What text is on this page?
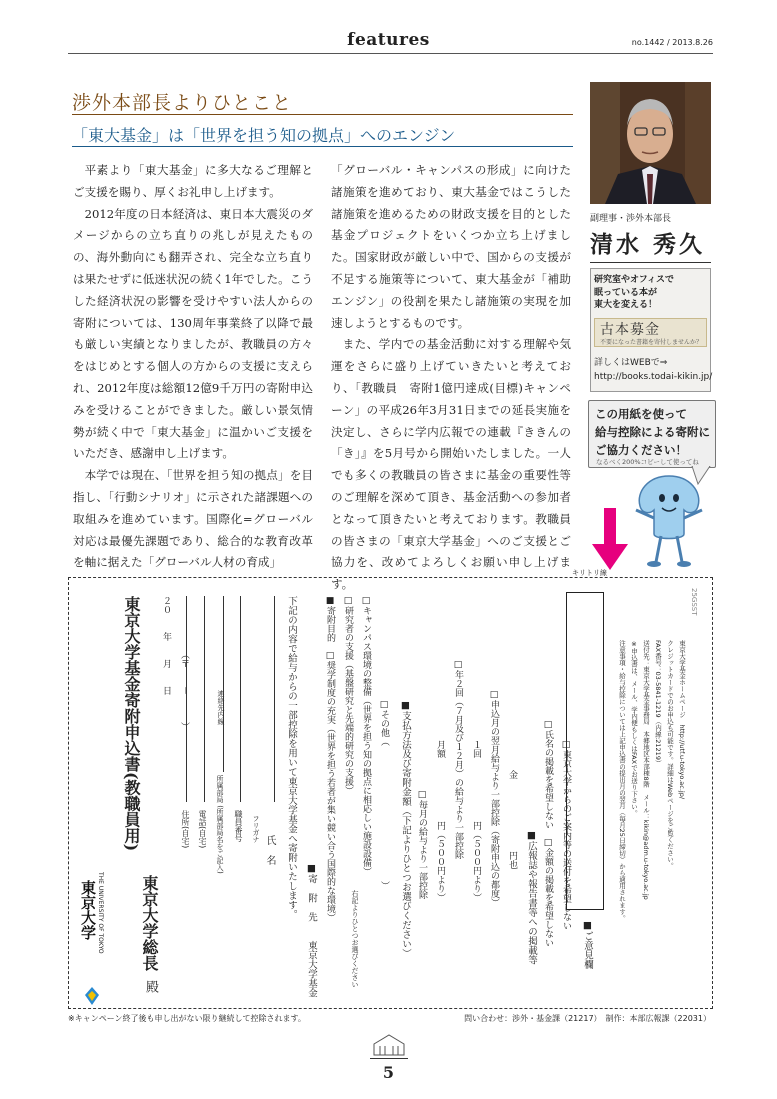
features	no.1442 / 2013.8.26
渉外本部長よりひとこと
「東大基金」は「世界を担う知の拠点」へのエンジン

平素より「東大基金」に多大なるご理解とご支援を賜り、厚くお礼申し上げます。

2012年度の日本経済は、東日本大震災のダメージからの立ち直りの兆しが見えたものの、海外動向にも翻弄され、完全な立ち直りは果たせずに低迷状況の続く1年でした。こうした経済状況の影響を受けやすい法人からの寄附については、130周年事業終了以降で最も厳しい実績となりましたが、教職員の方々をはじめとする個人の方からの支援に支えられ、2012年度は総額12億9千万円の寄附申込みを受けることができました。厳しい景気情勢が続く中で「東大基金」に温かいご支援をいただき、感謝申し上げます。

本学では現在、「世界を担う知の拠点」を目指し、「行動シナリオ」に示された諸課題への取組みを進めています。国際化=グローバル対応は最優先課題であり、総合的な教育改革を軸に据えた「グローバル人材の育成」

「グローバル・キャンパスの形成」に向けた諸施策を進めており、東大基金ではこうした諸施策を進めるための財政支援を目的とした基金プロジェクトをいくつか立ち上げました。国家財政が厳しい中で、国からの支援が不足する施策等について、東大基金が「補助エンジン」の役割を果たし諸施策の実現を加速しようとするものです。

また、学内での基金活動に対する理解や気運をさらに盛り上げていきたいと考えており、「教職員　寄附1億円達成(目標)キャンペーン」の平成26年3月31日までの延長実施を決定し、さらに学内広報での連載『ききんの「き」』を5月号から開始いたしました。一人でも多くの教職員の皆さまに基金の重要性等のご理解を深めて頂き、基金活動への参加者となって頂きたいと考えております。教職員の皆さまの「東京大学基金」へのご支援とご協力を、改めてよろしくお願い申し上げます。

副理事・渉外本部長
清水 秀久
研究室やオフィスで
眠っている本が
東大を変える！
古本募金
不要になった書籍を寄付しませんか？
詳しくはWEBで⇒
http://books.todai-kikin.jp/
この用紙を使って
給与控除による寄附に
ご協力ください！
なるべく200%コピーして使ってね
キリトリ線
東京大学 THE UNIVERSITY OF TOKYO
東京大学基金寄附申込書(教職員用)
東京大学総長
殿
２０　　年　　月　　日 （〒　　－　　　）
住所(自宅) 電話(自宅) 所属部局 (所属部局名をご記入)
連絡先内線
職員番号 フリガナ
氏　名 下記の内容で給与からの一部控除を用いて東京大学基金へ寄附いたします。
■寄　附　先　　東京大学基金
■寄附目的　□奨学制度の充実（世界を担う若者が集い競い合う国際的な環境） □研究者の支援（基盤研究と先端的研究の支援） □キャンパス環境の整備（世界を担う知の拠点に相応しい施設設備） □その他（　　　　　　　　　　　　　　　）
右記よりひとつお選びください	■支払方法及び寄附金額（下記よりひとつお選びください） □毎月の給与より一部控除 月額　　　　　　　円（５００円より） □年２回（７月及び１２月）の給与より一部控除 １回　　　　　　　円（５００円より） □申込月の翌月給与より一部控除（寄附申込の都度） 金　　　　　　　　円也
■広報誌や報告書等への掲載等 □氏名の掲載を希望しない　□金額の掲載を希望しない □東京大学からのご案内等の送付を希望しない
■ご意見欄
注意事項・給与控除については上記申込書の提出月の翌月（毎月25日締切）から適用されます。 ※申込書は、メール、学内便もしくはFAXでお送り下さい。 送付先：東京大学基金事務局　本郷地区本部棟8階　メール：kikin@adm.u-tokyo.ac.jp FAX番号：03-5841-1219（内線:21219） クレジットカードでのお申込も可能です。詳細はWebページをご覧ください。 東京大学基金ホームページ　http://utf.u-tokyo.ac.jp/
25GSST
※キャンペーン終了後も申し出がない限り継続して控除されます。	問い合わせ：渉外・基金課（21217）　制作：本部広報課（22031）
5
